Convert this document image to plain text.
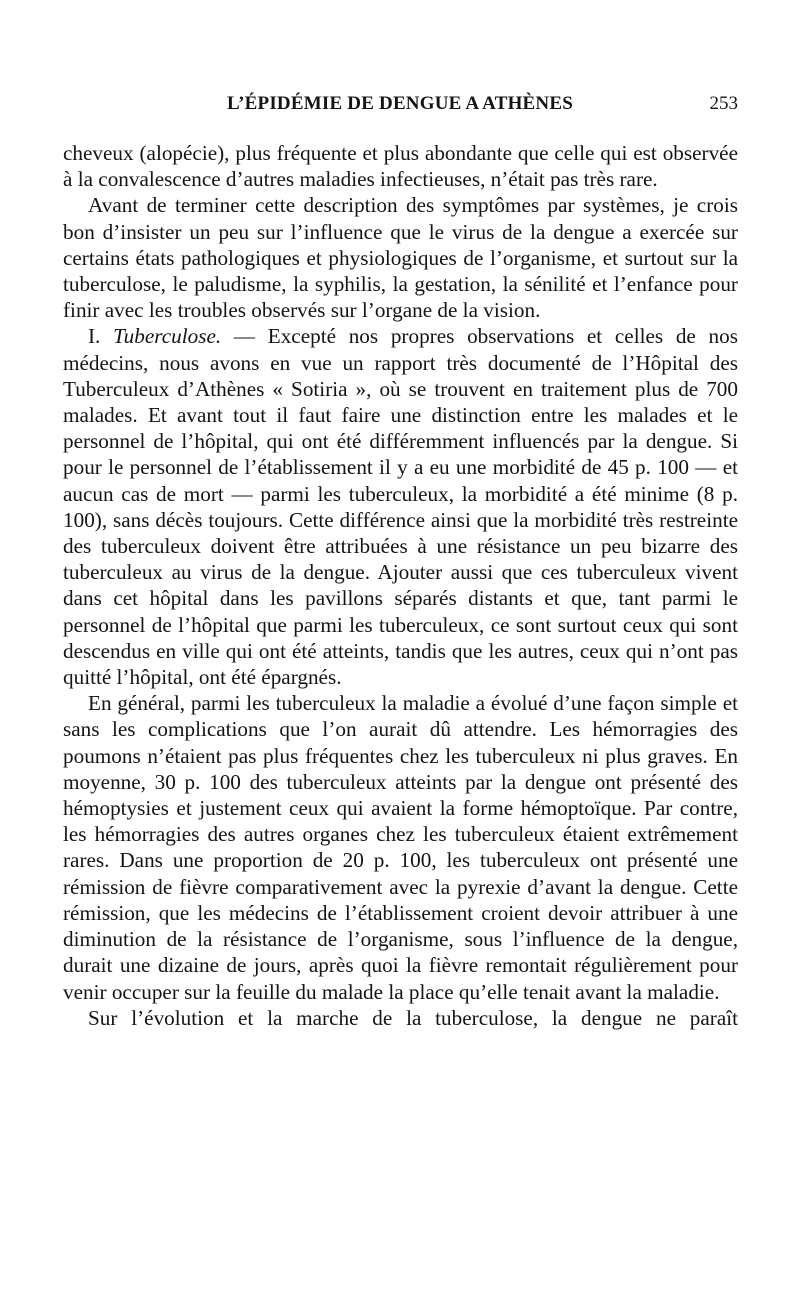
L’ÉPIDÉMIE DE DENGUE A ATHÈNES	253

cheveux (alopécie), plus fréquente et plus abondante que celle qui est observée à la convalescence d’autres maladies infectieuses, n’était pas très rare.

Avant de terminer cette description des symptômes par systèmes, je crois bon d’insister un peu sur l’influence que le virus de la dengue a exercée sur certains états pathologiques et physiologiques de l’organisme, et surtout sur la tuberculose, le paludisme, la syphilis, la gestation, la sénilité et l’enfance pour finir avec les troubles observés sur l’organe de la vision.

I. Tuberculose. — Excepté nos propres observations et celles de nos médecins, nous avons en vue un rapport très documenté de l’Hôpital des Tuberculeux d’Athènes « Sotiria », où se trouvent en traitement plus de 700 malades. Et avant tout il faut faire une distinction entre les malades et le personnel de l’hôpital, qui ont été différemment influencés par la dengue. Si pour le personnel de l’établissement il y a eu une morbidité de 45 p. 100 — et aucun cas de mort — parmi les tuberculeux, la morbidité a été minime (8 p. 100), sans décès toujours. Cette différence ainsi que la morbidité très restreinte des tuberculeux doivent être attribuées à une résistance un peu bizarre des tuberculeux au virus de la dengue. Ajouter aussi que ces tuberculeux vivent dans cet hôpital dans les pavillons séparés distants et que, tant parmi le personnel de l’hôpital que parmi les tuberculeux, ce sont surtout ceux qui sont descendus en ville qui ont été atteints, tandis que les autres, ceux qui n’ont pas quitté l’hôpital, ont été épargnés.

En général, parmi les tuberculeux la maladie a évolué d’une façon simple et sans les complications que l’on aurait dû attendre. Les hémorragies des poumons n’étaient pas plus fréquentes chez les tuberculeux ni plus graves. En moyenne, 30 p. 100 des tuberculeux atteints par la dengue ont présenté des hémoptysies et justement ceux qui avaient la forme hémoptoïque. Par contre, les hémorragies des autres organes chez les tuberculeux étaient extrêmement rares. Dans une proportion de 20 p. 100, les tuberculeux ont présenté une rémission de fièvre comparativement avec la pyrexie d’avant la dengue. Cette rémission, que les médecins de l’établissement croient devoir attribuer à une diminution de la résistance de l’organisme, sous l’influence de la dengue, durait une dizaine de jours, après quoi la fièvre remontait régulièrement pour venir occuper sur la feuille du malade la place qu’elle tenait avant la maladie.

Sur l’évolution et la marche de la tuberculose, la dengue ne paraît
